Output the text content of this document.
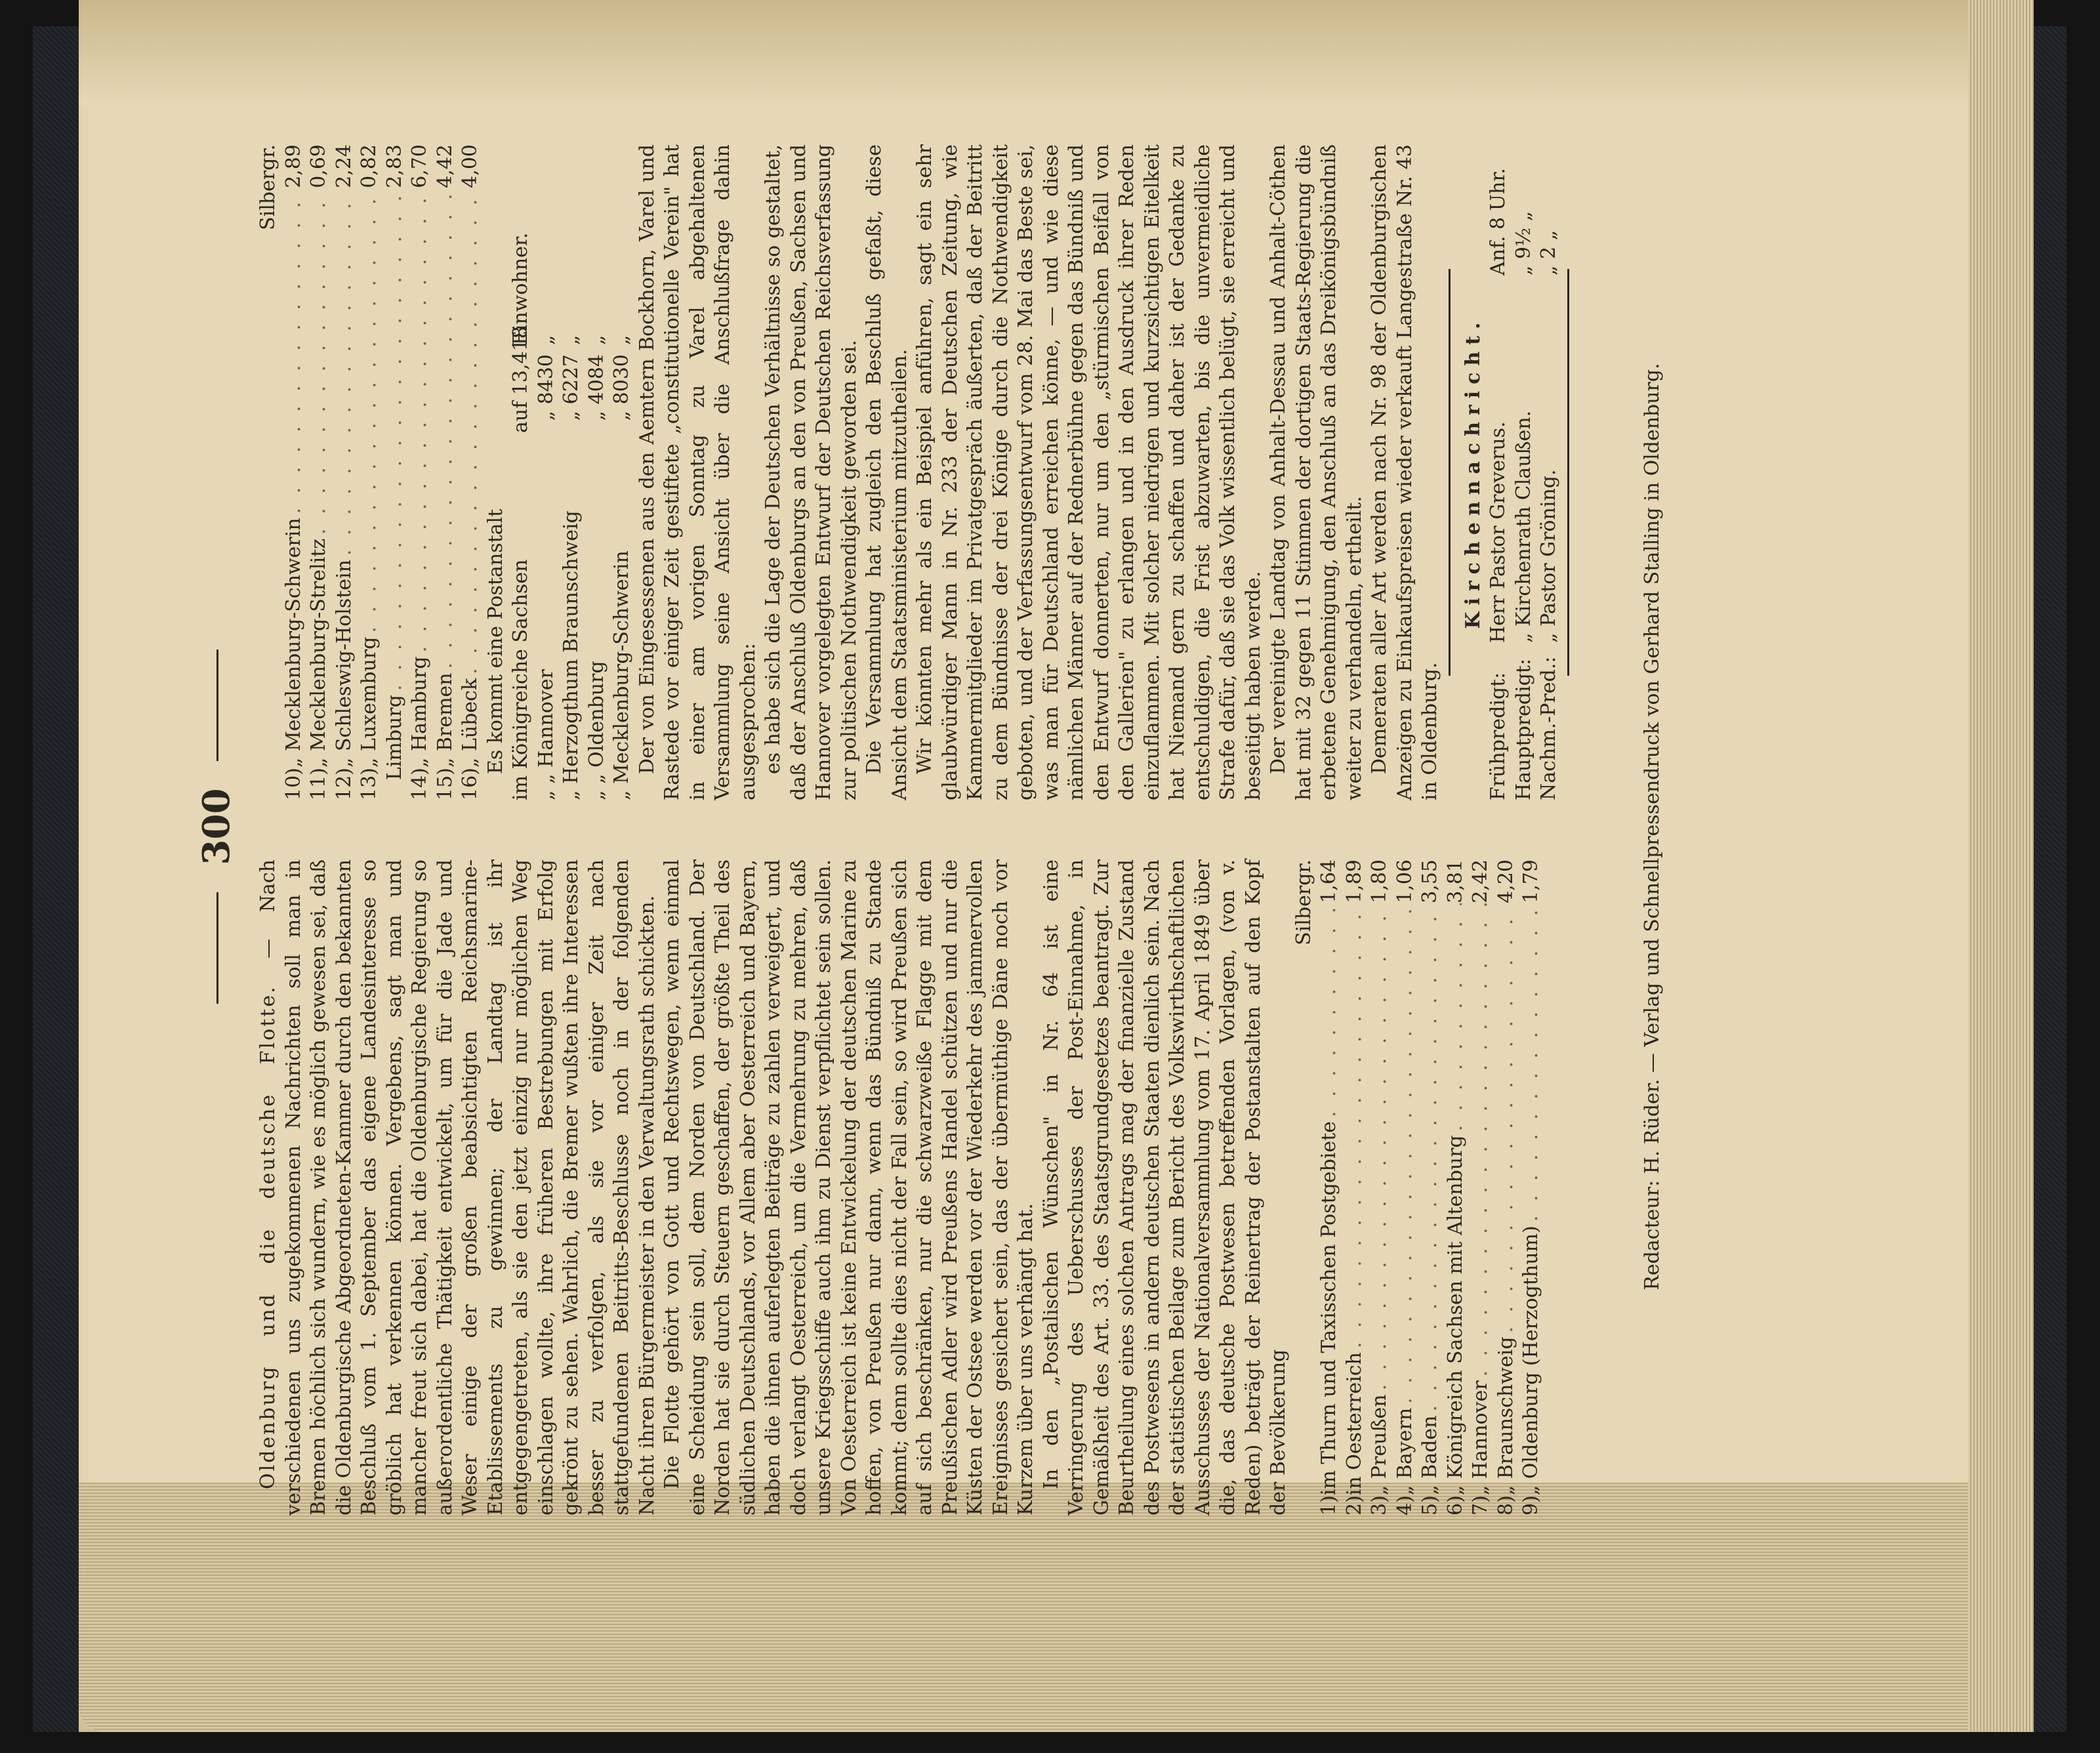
300

Oldenburg und die deutsche Flotte. — Nach verschiedenen uns zugekommenen Nachrichten soll man in Bremen höchlich sich wundern, wie es möglich gewesen sei, daß die Oldenburgische Abgeordneten-Kammer durch den bekannten Beschluß vom 1. September das eigene Landesinteresse so gröblich hat verkennen können. Vergebens, sagt man und mancher freut sich dabei, hat die Oldenburgische Regierung so außerordentliche Thätigkeit entwickelt, um für die Jade und Weser einige der großen beabsichtigten Reichsmarine-Etablissements zu gewinnen; der Landtag ist ihr entgegengetreten, als sie den jetzt einzig nur möglichen Weg einschlagen wollte, ihre früheren Bestrebungen mit Erfolg gekrönt zu sehen. Wahrlich, die Bremer wußten ihre Interessen besser zu verfolgen, als sie vor einiger Zeit nach stattgefundenen Beitritts-Beschlusse noch in der folgenden Nacht ihren Bürgermeister in den Verwaltungsrath schickten. Die Flotte gehört von Gott und Rechtswegen, wenn einmal eine Scheidung sein soll, dem Norden von Deutschland. Der Norden hat sie durch Steuern geschaffen, der größte Theil des südlichen Deutschlands, vor Allem aber Oesterreich und Bayern, haben die ihnen auferlegten Beiträge zu zahlen verweigert, und doch verlangt Oesterreich, um die Vermehrung zu mehren, daß unsere Kriegsschiffe auch ihm zu Dienst verpflichtet sein sollen. Von Oesterreich ist keine Entwickelung der deutschen Marine zu hoffen, von Preußen nur dann, wenn das Bündniß zu Stande kommt; denn sollte dies nicht der Fall sein, so wird Preußen sich auf sich beschränken, nur die schwarzweiße Flagge mit dem Preußischen Adler wird Preußens Handel schützen und nur die Küsten der Ostsee werden vor der Wiederkehr des jammervollen Ereignisses gesichert sein, das der übermüthige Däne noch vor Kurzem über uns verhängt hat. In den „Postalischen Wünschen" in Nr. 64 ist eine Verringerung des Ueberschusses der Post-Einnahme, in Gemäßheit des Art. 33. des Staatsgrundgesetzes beantragt. Zur Beurtheilung eines solchen Antrags mag der finanzielle Zustand des Postwesens in andern deutschen Staaten dienlich sein. Nach der statistischen Beilage zum Bericht des Volkswirthschaftlichen Ausschusses der Nationalversammlung vom 17. April 1849 über die, das deutsche Postwesen betreffenden Vorlagen, (von v. Reden) beträgt der Reinertrag der Postanstalten auf den Kopf der Bevölkerung

Silbergr.
1)
im Thurn und Taxisschen Postgebiete
. . .
1,64
2)
in Oesterreich
. . .
1,89
3)
„ Preußen
. . .
1,80
4)
„ Bayern
. . .
1,06
5)
„ Baden
. . .
3,55
6)
„ Königreich Sachsen mit Altenburg
. . .
3,81
7)
„ Hannover
. . .
2,42
8)
„ Braunschweig
. . .
4,20
9)
„ Oldenburg (Herzogthum)
. . .
1,79
Silbergr.
10)
„ Mecklenburg-Schwerin
. . .
2,89
11)
„ Mecklenburg-Strelitz
. . .
0,69
12)
„ Schleswig-Holstein
. . .
2,24
13)
„ Luxemburg
. . .
0,82
Limburg
. . .
2,83
14)
„ Hamburg
. . .
6,70
15)
„ Bremen
. . .
4,42
16)
„ Lübeck
. . .
4,00
Es kommt eine Postanstalt im Königreiche Sachsen
auf 13,418
Einwohner.
„ „ Hannover
„ 8430
„
„ Herzogthum Braunschweig
„ 6227
„
„ „ Oldenburg
„ 4084
„
„ Mecklenburg-Schwerin
„ 8030
„ Der von Eingesessenen aus den Aemtern Bockhorn, Varel und Rastede vor einiger Zeit gestiftete „constitutionelle Verein" hat in einer am vorigen Sonntag zu Varel abgehaltenen Versammlung seine Ansicht über die Anschlußfrage dahin ausgesprochen: es habe sich die Lage der Deutschen Verhältnisse so gestaltet, daß der Anschluß Oldenburgs an den von Preußen, Sachsen und Hannover vorgelegten Entwurf der Deutschen Reichsverfassung zur politischen Nothwendigkeit geworden sei. Die Versammlung hat zugleich den Beschluß gefaßt, diese Ansicht dem Staatsministerium mitzutheilen. Wir könnten mehr als ein Beispiel anführen, sagt ein sehr glaubwürdiger Mann in Nr. 233 der Deutschen Zeitung, wie Kammermitglieder im Privatgespräch äußerten, daß der Beitritt zu dem Bündnisse der drei Könige durch die Nothwendigkeit geboten, und der Verfassungsentwurf vom 28. Mai das Beste sei, was man für Deutschland erreichen könne, — und wie diese nämlichen Männer auf der Rednerbühne gegen das Bündniß und den Entwurf donnerten, nur um den „stürmischen Beifall von den Gallerien" zu erlangen und in den Ausdruck ihrer Reden einzuflammen. Mit solcher niedrigen und kurzsichtigen Eitelkeit hat Niemand gern zu schaffen und daher ist der Gedanke zu entschuldigen, die Frist abzuwarten, bis die unvermeidliche Strafe dafür, daß sie das Volk wissentlich belügt, sie erreicht und beseitigt haben werde. Der vereinigte Landtag von Anhalt-Dessau und Anhalt-Cöthen hat mit 32 gegen 11 Stimmen der dortigen Staats-Regierung die erbetene Genehmigung, den Anschluß an das Dreikönigsbündniß weiter zu verhandeln, ertheilt. Demeraten aller Art werden nach Nr. 98 der Oldenburgischen Anzeigen zu Einkaufspreisen wieder verkauft Langestraße Nr. 43 in Oldenburg.

Kirchennachricht.
Frühpredigt:
Herr Pastor Greverus.
Anf. 8 Uhr.
Hauptpredigt:
„ Kirchenrath Claußen.
„ 9½ „
Nachm.-Pred.:
„ Pastor Gröning.
„ 2 „
Redacteur: H. Rüder. — Verlag und Schnellpressendruck von Gerhard Stalling in Oldenburg.
